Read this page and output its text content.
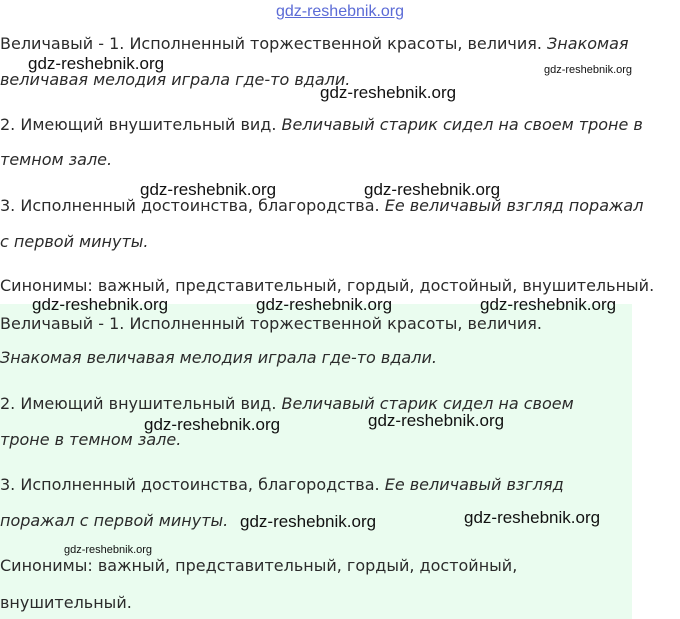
gdz-reshebnik.org
Величавый - 1. Исполненный торжественной красоты, величия. Знакомая
величавая мелодия играла где-то вдали.
2. Имеющий внушительный вид. Величавый старик сидел на своем троне в
темном зале.
3. Исполненный достоинства, благородства. Ее величавый взгляд поражал
с первой минуты.
Синонимы: важный, представительный, гордый, достойный, внушительный.
Величавый - 1. Исполненный торжественной красоты, величия.
Знакомая величавая мелодия играла где-то вдали.
2. Имеющий внушительный вид. Величавый старик сидел на своем
троне в темном зале.
3. Исполненный достоинства, благородства. Ее величавый взгляд
поражал с первой минуты.
Синонимы: важный, представительный, гордый, достойный,
внушительный.
gdz-reshebnik.org	gdz-reshebnik.org
gdz-reshebnik.org
gdz-reshebnik.org	gdz-reshebnik.org
gdz-reshebnik.org	gdz-reshebnik.org	gdz-reshebnik.org
gdz-reshebnik.org
gdz-reshebnik.org
gdz-reshebnik.org
gdz-reshebnik.org
gdz-reshebnik.org
